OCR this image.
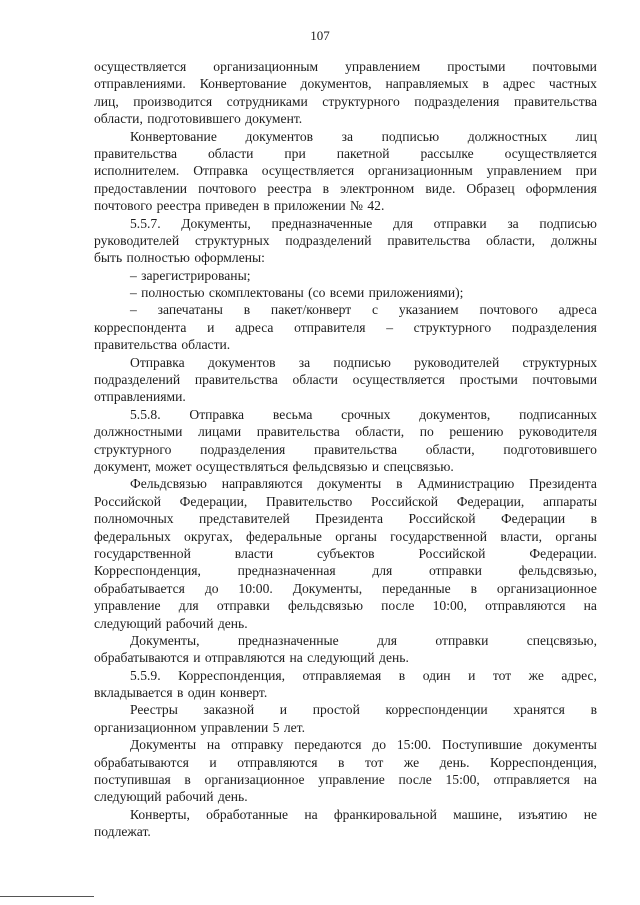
107
осуществляется организационным управлением простыми почтовыми
отправлениями. Конвертование документов, направляемых в адрес частных
лиц, производится сотрудниками структурного подразделения правительства
области, подготовившего документ.
Конвертование документов за подписью должностных лиц
правительства области при пакетной рассылке осуществляется
исполнителем. Отправка осуществляется организационным управлением при
предоставлении почтового реестра в электронном виде. Образец оформления
почтового реестра приведен в приложении № 42.
5.5.7. Документы, предназначенные для отправки за подписью
руководителей структурных подразделений правительства области, должны
быть полностью оформлены:
– зарегистрированы;
– полностью скомплектованы (со всеми приложениями);
– запечатаны в пакет/конверт с указанием почтового адреса
корреспондента и адреса отправителя – структурного подразделения
правительства области.
Отправка документов за подписью руководителей структурных
подразделений правительства области осуществляется простыми почтовыми
отправлениями.
5.5.8. Отправка весьма срочных документов, подписанных
должностными лицами правительства области, по решению руководителя
структурного подразделения правительства области, подготовившего
документ, может осуществляться фельдсвязью и спецсвязью.
Фельдсвязью направляются документы в Администрацию Президента
Российской Федерации, Правительство Российской Федерации, аппараты
полномочных представителей Президента Российской Федерации в
федеральных округах, федеральные органы государственной власти, органы
государственной	власти	субъектов	Российской	Федерации.
Корреспонденция,	предназначенная	для	отправки	фельдсвязью,
обрабатывается до 10:00. Документы, переданные в организационное
управление для отправки фельдсвязью после 10:00, отправляются на
следующий рабочий день.
Документы,	предназначенные	для	отправки	спецсвязью,
обрабатываются и отправляются на следующий день.
5.5.9. Корреспонденция, отправляемая в один и тот же адрес,
вкладывается в один конверт.
Реестры заказной и простой корреспонденции хранятся в
организационном управлении 5 лет.
Документы на отправку передаются до 15:00. Поступившие документы
обрабатываются и отправляются в тот же день. Корреспонденция,
поступившая в организационное управление после 15:00, отправляется на
следующий рабочий день.
Конверты, обработанные на франкировальной машине, изъятию не
подлежат.
